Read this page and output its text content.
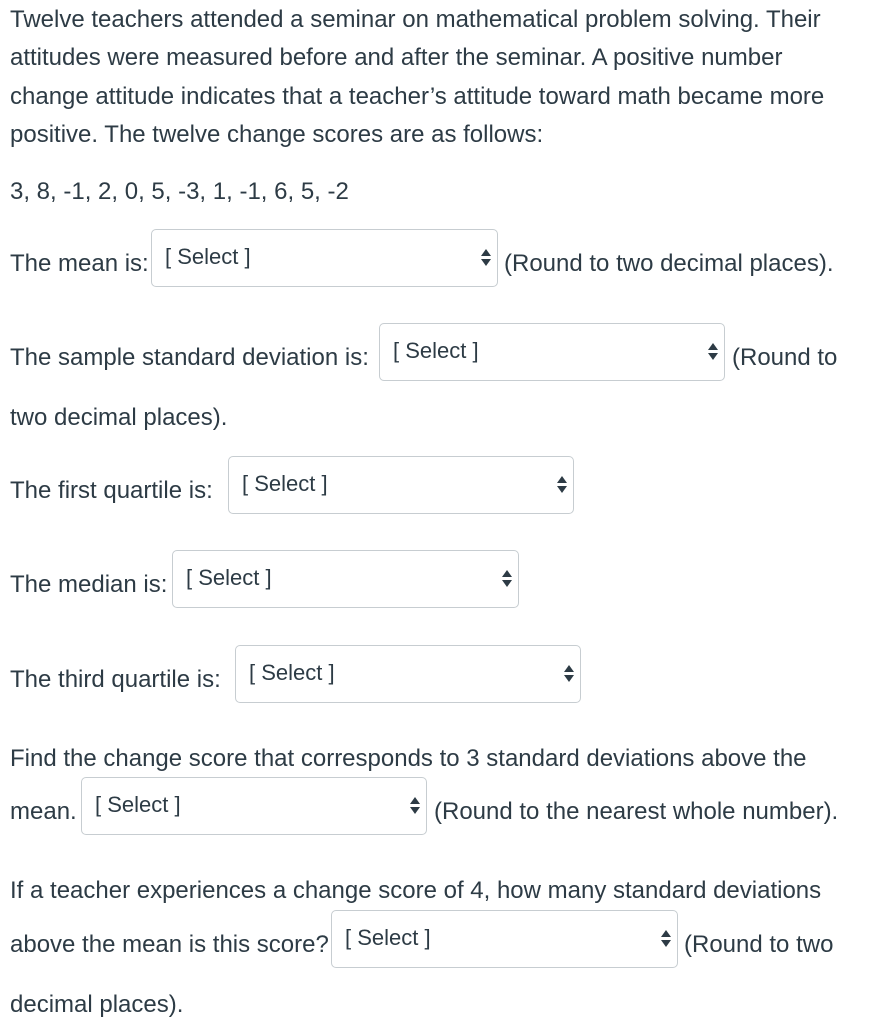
Twelve teachers attended a seminar on mathematical problem solving. Their
attitudes were measured before and after the seminar. A positive number
change attitude indicates that a teacher’s attitude toward math became more
positive. The twelve change scores are as follows:
3, 8, -1, 2, 0, 5, -3, 1, -1, 6, 5, -2
The mean is: [ Select ]	(Round to two decimal places).
The sample standard deviation is: [ Select ]	(Round to
two decimal places).
The first quartile is: [ Select ]
The median is: [ Select ]
The third quartile is: [ Select ]
Find the change score that corresponds to 3 standard deviations above the
mean. [ Select ]	(Round to the nearest whole number).
If a teacher experiences a change score of 4, how many standard deviations
above the mean is this score? [ Select ]	(Round to two
decimal places).
